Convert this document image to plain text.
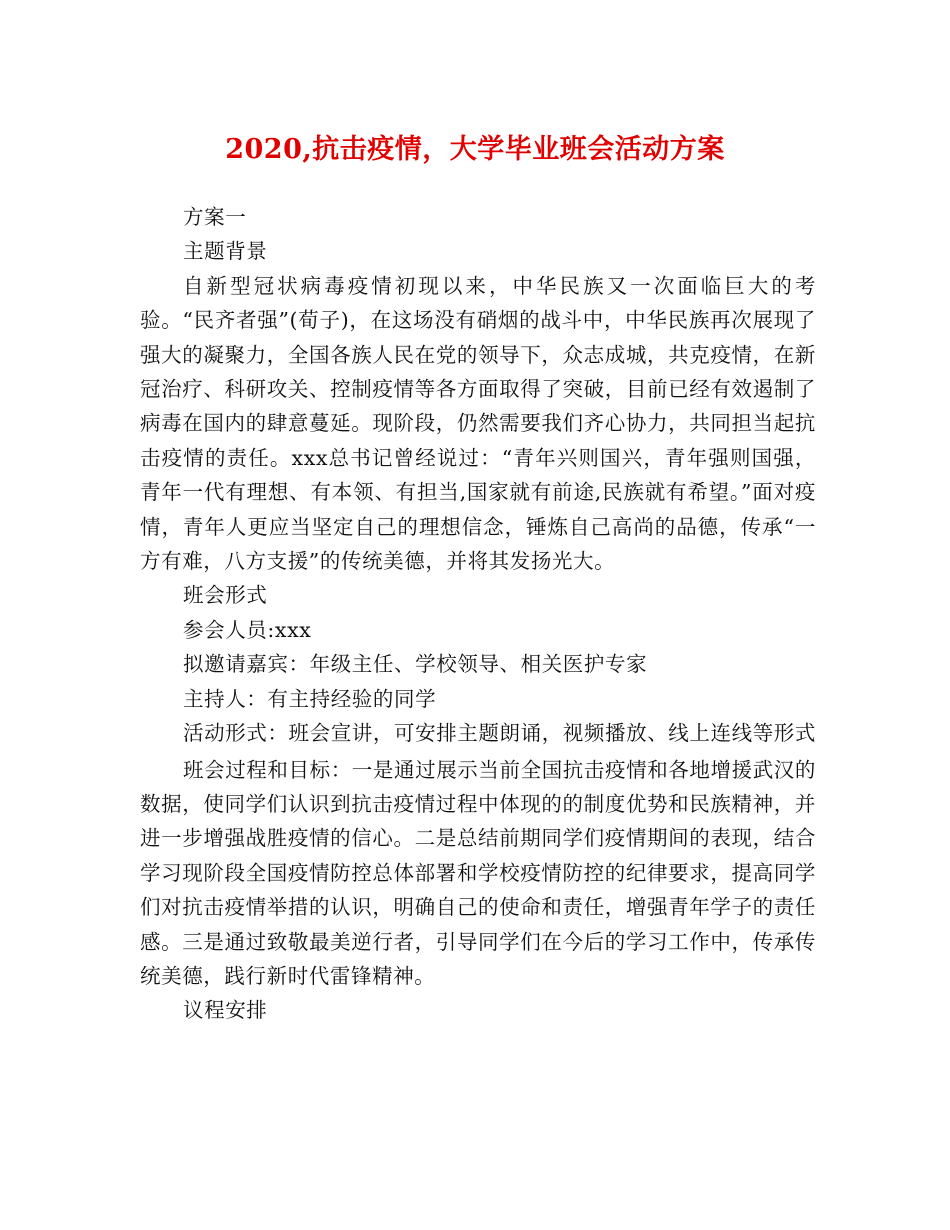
2020,抗击疫情，大学毕业班会活动方案

方案一

主题背景

自新型冠状病毒疫情初现以来，中华民族又一次面临巨大的考验。“民齐者强”(荀子)，在这场没有硝烟的战斗中，中华民族再次展现了强大的凝聚力，全国各族人民在党的领导下，众志成城，共克疫情，在新冠治疗、科研攻关、控制疫情等各方面取得了突破，目前已经有效遏制了病毒在国内的肆意蔓延。现阶段，仍然需要我们齐心协力，共同担当起抗击疫情的责任。xxx总书记曾经说过：“青年兴则国兴，青年强则国强，青年一代有理想、有本领、有担当,国家就有前途,民族就有希望。”面对疫情，青年人更应当坚定自己的理想信念，锤炼自己高尚的品德，传承“一方有难，八方支援”的传统美德，并将其发扬光大。

班会形式

参会人员:xxx

拟邀请嘉宾：年级主任、学校领导、相关医护专家

主持人：有主持经验的同学

活动形式：班会宣讲，可安排主题朗诵，视频播放、线上连线等形式

班会过程和目标：一是通过展示当前全国抗击疫情和各地增援武汉的数据，使同学们认识到抗击疫情过程中体现的的制度优势和民族精神，并进一步增强战胜疫情的信心。二是总结前期同学们疫情期间的表现，结合学习现阶段全国疫情防控总体部署和学校疫情防控的纪律要求，提高同学们对抗击疫情举措的认识，明确自己的使命和责任，增强青年学子的责任感。三是通过致敬最美逆行者，引导同学们在今后的学习工作中，传承传统美德，践行新时代雷锋精神。

议程安排
